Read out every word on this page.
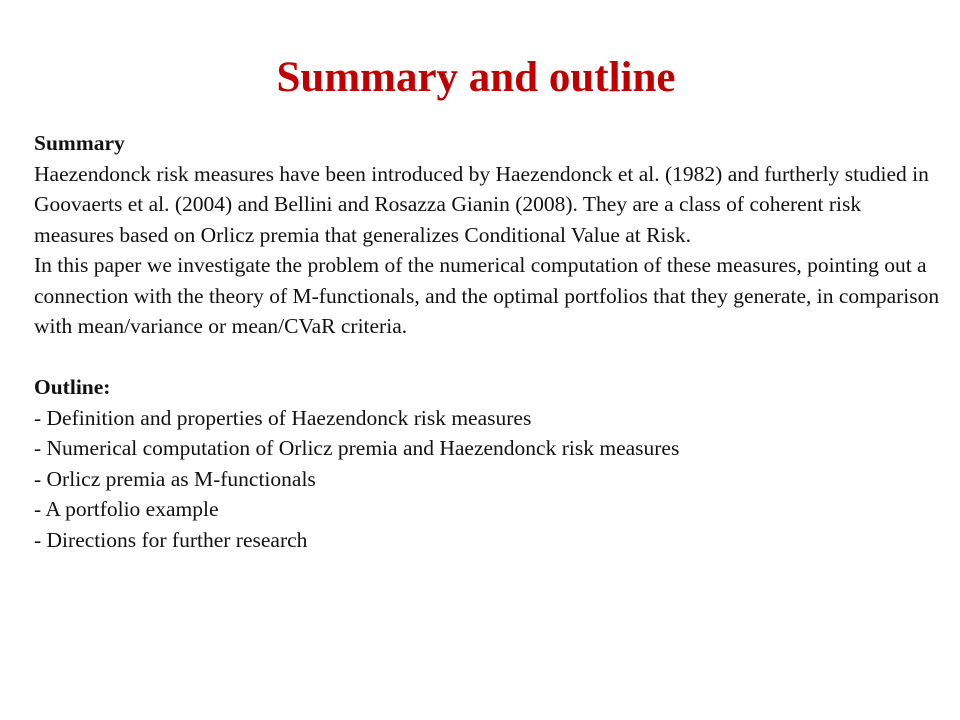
Summary and outline
Summary
Haezendonck risk measures have been introduced by Haezendonck et al. (1982) and furtherly studied in Goovaerts et al. (2004) and Bellini and Rosazza Gianin (2008). They are a class of coherent risk measures based on Orlicz premia that generalizes Conditional Value at Risk.
In this paper we investigate the problem of the numerical computation of these measures, pointing out a connection with the theory of M-functionals, and the optimal portfolios that they generate, in comparison with mean/variance or mean/CVaR criteria.
Outline:
- Definition and properties of Haezendonck risk measures
- Numerical computation of Orlicz premia and Haezendonck risk measures
- Orlicz premia as M-functionals
- A portfolio example
- Directions for further research
